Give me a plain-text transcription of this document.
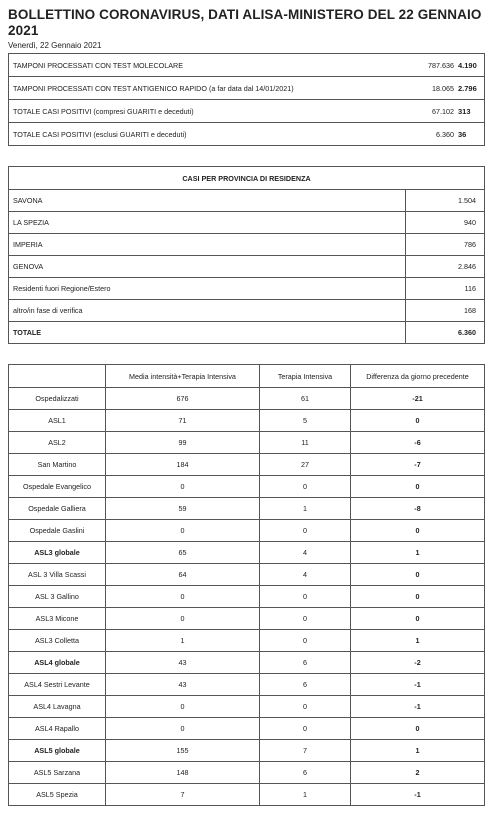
BOLLETTINO CORONAVIRUS, DATI ALISA-MINISTERO DEL 22 GENNAIO 2021
Venerdì, 22 Gennaio 2021
TAMPONI PROCESSATI CON TEST MOLECOLARE	787.636	4.190
TAMPONI PROCESSATI CON TEST ANTIGENICO RAPIDO (a far data dal 14/01/2021)	18.065	2.796
TOTALE CASI POSITIVI (compresi GUARITI e deceduti)	67.102	313
TOTALE CASI POSITIVI (esclusi GUARITI e deceduti)	6.360	36
CASI PER PROVINCIA DI RESIDENZA	
SAVONA	1.504
LA SPEZIA	940
IMPERIA	786
GENOVA	2.846
Residenti fuori Regione/Estero	116
altro/in fase di verifica	168
TOTALE	6.360
	Media intensità+Terapia Intensiva	Terapia Intensiva	Differenza da giorno precedente
Ospedalizzati	676	61	-21
ASL1	71	5	0
ASL2	99	11	-6
San Martino	184	27	-7
Ospedale Evangelico	0	0	0
Ospedale Galliera	59	1	-8
Ospedale Gaslini	0	0	0
ASL3 globale	65	4	1
ASL 3 Villa Scassi	64	4	0
ASL 3 Gallino	0	0	0
ASL3 Micone	0	0	0
ASL3 Colletta	1	0	1
ASL4 globale	43	6	-2
ASL4 Sestri Levante	43	6	-1
ASL4 Lavagna	0	0	-1
ASL4 Rapallo	0	0	0
ASL5 globale	155	7	1
ASL5 Sarzana	148	6	2
ASL5 Spezia	7	1	-1
